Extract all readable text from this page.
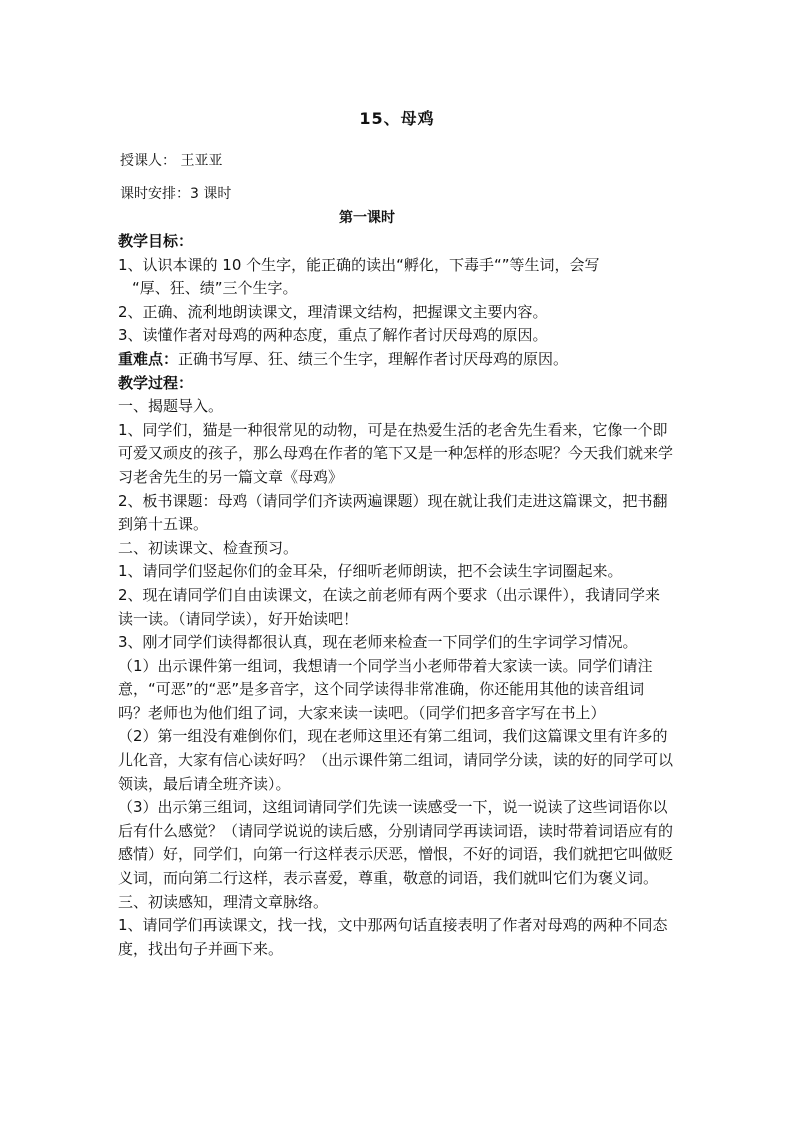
15、母鸡
授课人： 王亚亚
课时安排：3 课时
第一课时

教学目标：

1、认识本课的 10 个生字，能正确的读出“孵化，下毒手“”等生词，会写

“厚、狂、绩”三个生字。

2、正确、流利地朗读课文，理清课文结构，把握课文主要内容。

3、读懂作者对母鸡的两种态度，重点了解作者讨厌母鸡的原因。

重难点：正确书写厚、狂、绩三个生字，理解作者讨厌母鸡的原因。

教学过程：

一、揭题导入。

1、同学们，猫是一种很常见的动物，可是在热爱生活的老舍先生看来，它像一个即可爱又顽皮的孩子，那么母鸡在作者的笔下又是一种怎样的形态呢？今天我们就来学习老舍先生的另一篇文章《母鸡》

2、板书课题：母鸡（请同学们齐读两遍课题）现在就让我们走进这篇课文，把书翻到第十五课。

二、初读课文、检查预习。

1、请同学们竖起你们的金耳朵，仔细听老师朗读，把不会读生字词圈起来。

2、现在请同学们自由读课文，在读之前老师有两个要求（出示课件），我请同学来读一读。（请同学读），好开始读吧！

3、刚才同学们读得都很认真，现在老师来检查一下同学们的生字词学习情况。

（1）出示课件第一组词，我想请一个同学当小老师带着大家读一读。同学们请注意，“可恶”的“恶”是多音字，这个同学读得非常准确，你还能用其他的读音组词吗？老师也为他们组了词，大家来读一读吧。（同学们把多音字写在书上）

（2）第一组没有难倒你们，现在老师这里还有第二组词，我们这篇课文里有许多的儿化音，大家有信心读好吗？（出示课件第二组词，请同学分读，读的好的同学可以领读，最后请全班齐读）。

（3）出示第三组词，这组词请同学们先读一读感受一下，说一说读了这些词语你以后有什么感觉？（请同学说说的读后感，分别请同学再读词语，读时带着词语应有的感情）好，同学们，向第一行这样表示厌恶，憎恨，不好的词语，我们就把它叫做贬义词，而向第二行这样，表示喜爱，尊重，敬意的词语，我们就叫它们为褒义词。

三、初读感知，理清文章脉络。

1、请同学们再读课文，找一找，文中那两句话直接表明了作者对母鸡的两种不同态度，找出句子并画下来。
